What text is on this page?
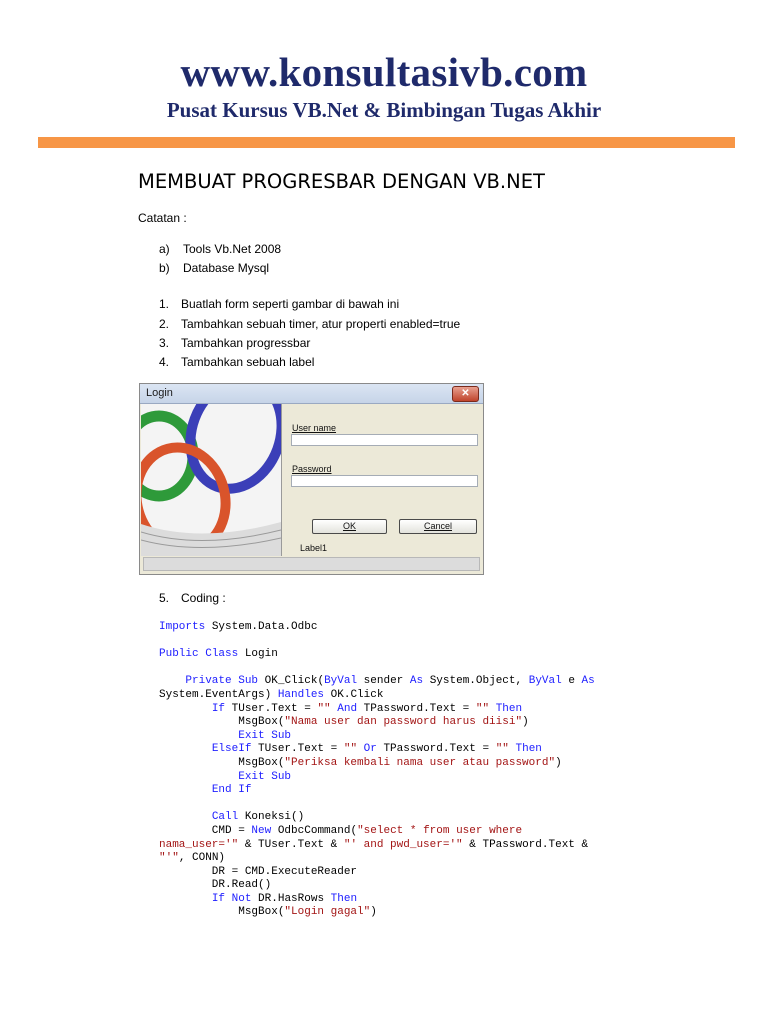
www.konsultasivb.com
Pusat Kursus VB.Net & Bimbingan Tugas Akhir
MEMBUAT PROGRESBAR DENGAN VB.NET
Catatan :
a) Tools Vb.Net 2008
b) Database Mysql
1. Buatlah form seperti gambar di bawah ini
2. Tambahkan sebuah timer, atur properti enabled=true
3. Tambahkan progressbar
4. Tambahkan sebuah label
Login	✕
User name
Password
OK	Cancel
Label1
5. Coding :
Imports System.Data.Odbc

Public Class Login

Private Sub OK_Click(ByVal sender As System.Object, ByVal e As
System.EventArgs) Handles OK.Click
If TUser.Text = "" And TPassword.Text = "" Then
MsgBox("Nama user dan password harus diisi")
Exit Sub
ElseIf TUser.Text = "" Or TPassword.Text = "" Then
MsgBox("Periksa kembali nama user atau password")
Exit Sub
End If

Call Koneksi()
CMD = New OdbcCommand("select * from user where
nama_user='" & TUser.Text & "' and pwd_user='" & TPassword.Text &
"'", CONN)
DR = CMD.ExecuteReader
DR.Read()
If Not DR.HasRows Then
MsgBox("Login gagal")
